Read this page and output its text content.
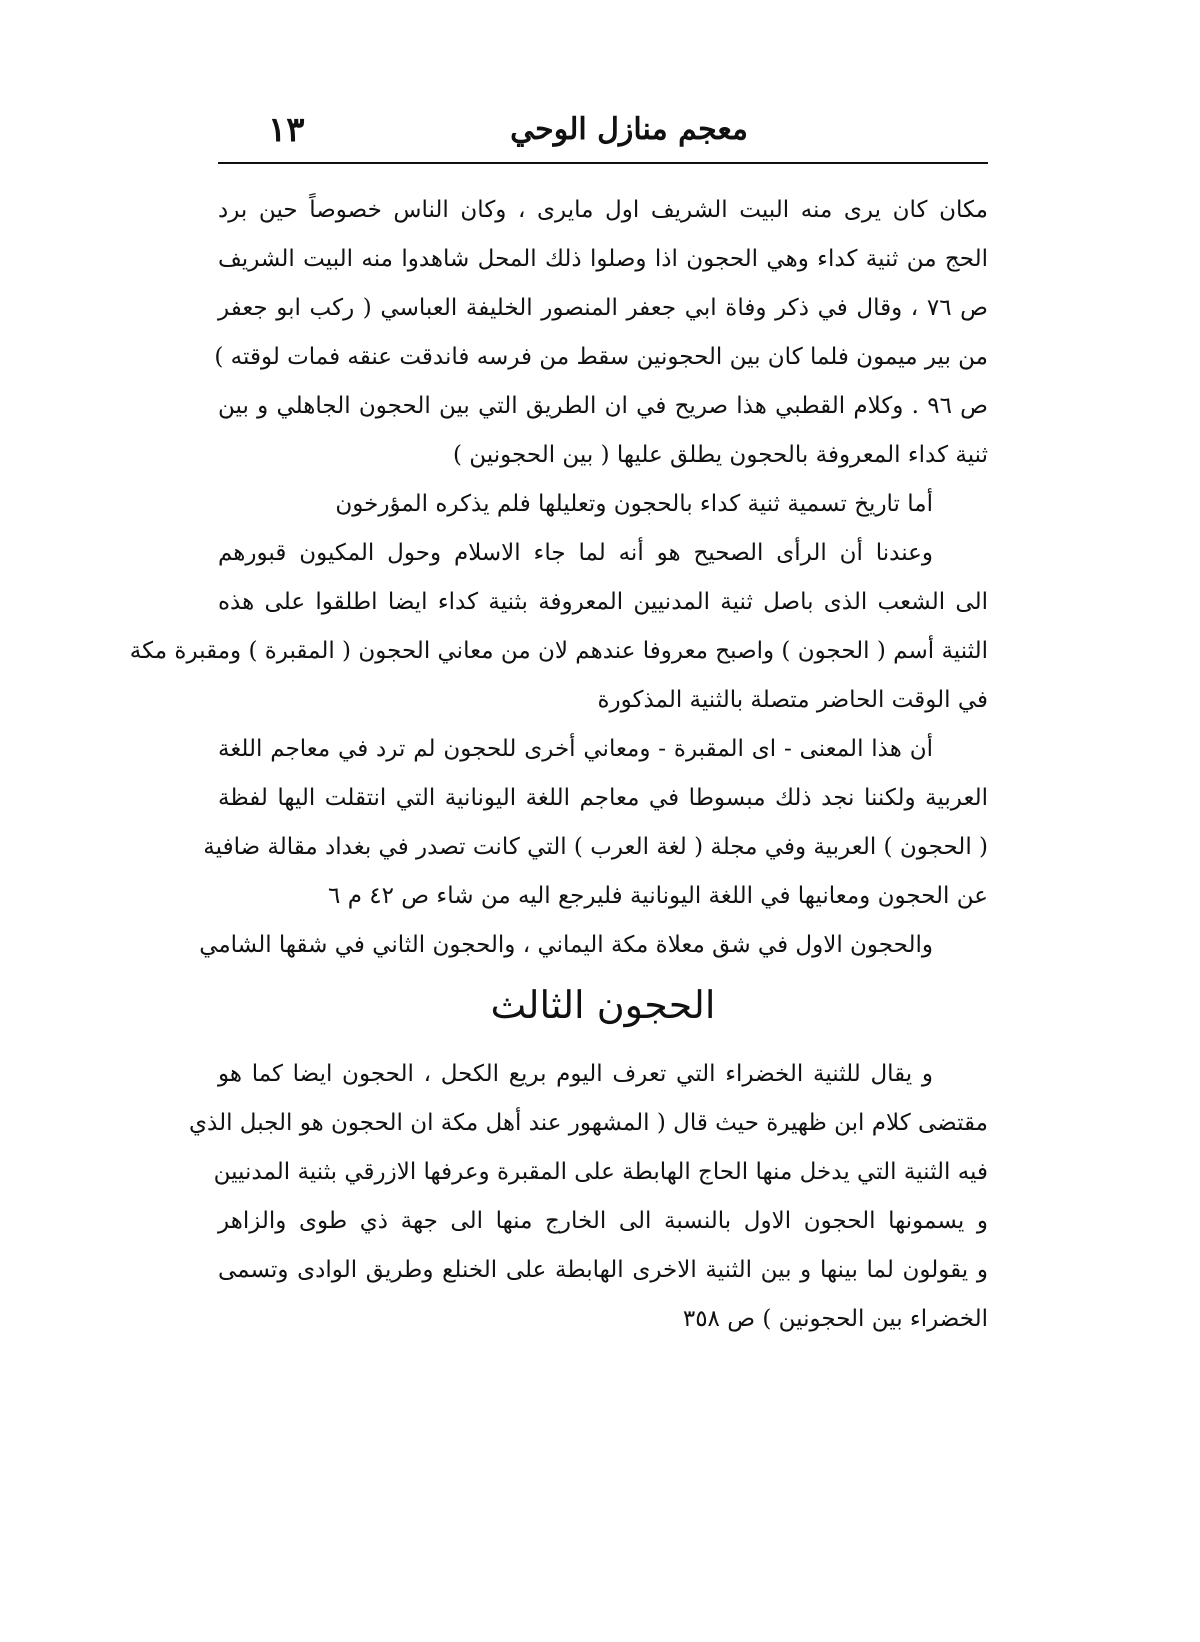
معجم منازل الوحي
١٣
مكان كان يرى منه البيت الشريف اول مايرى ، وكان الناس خصوصاً حين برد
الحج من ثنية كداء وهي الحجون اذا وصلوا ذلك المحل شاهدوا منه البيت الشريف
ص ٧٦ ، وقال في ذكر وفاة ابي جعفر المنصور الخليفة العباسي ( ركب ابو جعفر
من بير ميمون فلما كان بين الحجونين سقط من فرسه فاندقت عنقه فمات لوقته )
ص ٩٦ . وكلام القطبي هذا صريح في ان الطريق التي بين الحجون الجاهلي و بين
ثنية كداء المعروفة بالحجون يطلق عليها ( بين الحجونين )
أما تاريخ تسمية ثنية كداء بالحجون وتعليلها فلم يذكره المؤرخون
وعندنا أن الرأى الصحيح هو أنه لما جاء الاسلام وحول المكيون قبورهم
الى الشعب الذى باصل ثنية المدنيين المعروفة بثنية كداء ايضا اطلقوا على هذه
الثنية أسم ( الحجون ) واصبح معروفا عندهم لان من معاني الحجون ( المقبرة ) ومقبرة مكة
في الوقت الحاضر متصلة بالثنية المذكورة
أن هذا المعنى - اى المقبرة - ومعاني أخرى للحجون لم ترد في معاجم اللغة
العربية ولكننا نجد ذلك مبسوطا في معاجم اللغة اليونانية التي انتقلت اليها لفظة
( الحجون ) العربية وفي مجلة ( لغة العرب ) التي كانت تصدر في بغداد مقالة ضافية
عن الحجون ومعانيها في اللغة اليونانية فليرجع اليه من شاء ص ٤٢ م ٦
والحجون الاول في شق معلاة مكة اليماني ، والحجون الثاني في شقها الشامي
الحجون الثالث
و يقال للثنية الخضراء التي تعرف اليوم بريع الكحل ، الحجون ايضا كما هو
مقتضى كلام ابن ظهيرة حيث قال ( المشهور عند أهل مكة ان الحجون هو الجبل الذي
فيه الثنية التي يدخل منها الحاج الهابطة على المقبرة وعرفها الازرقي بثنية المدنيين
و يسمونها الحجون الاول بالنسبة الى الخارج منها الى جهة ذي طوى والزاهر
و يقولون لما بينها و بين الثنية الاخرى الهابطة على الخنلع وطريق الوادى وتسمى
الخضراء بين الحجونين ) ص ٣٥٨
